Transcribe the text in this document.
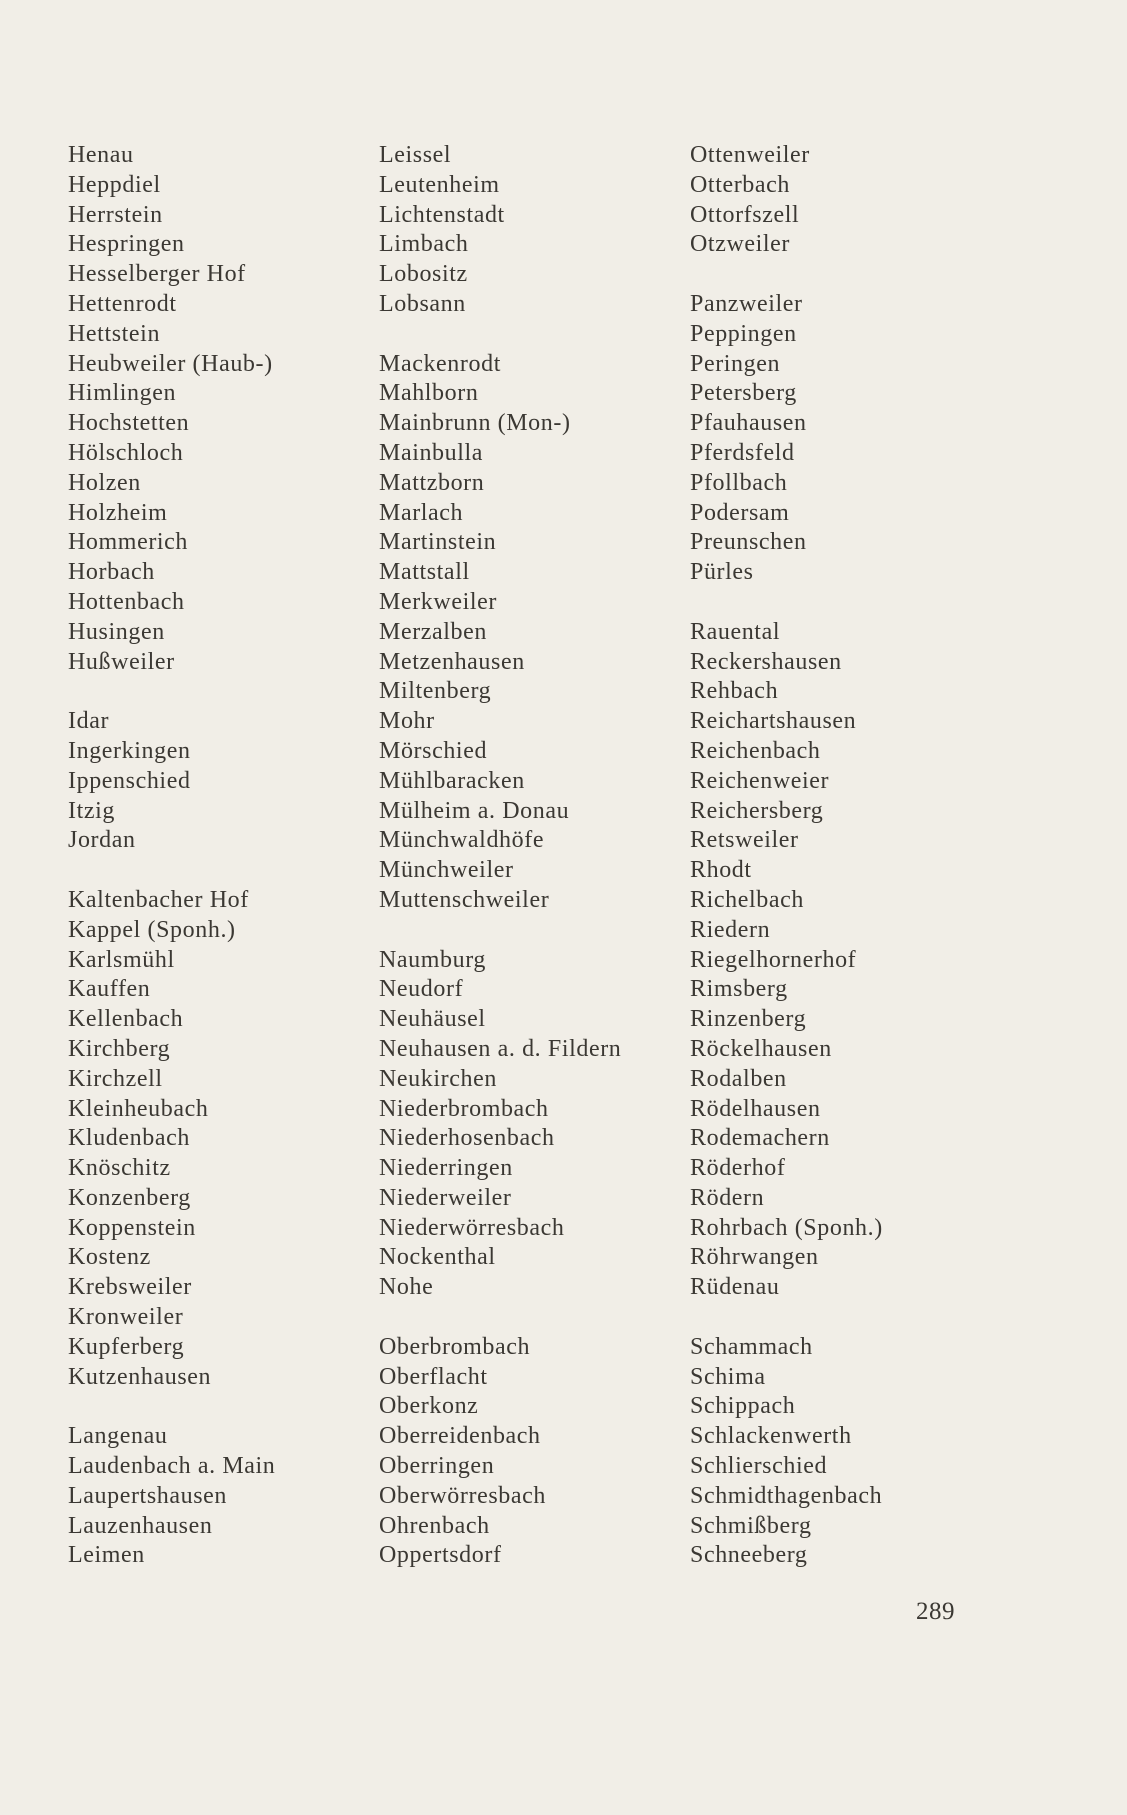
Henau
Heppdiel
Herrstein
Hespringen
Hesselberger Hof
Hettenrodt
Hettstein
Heubweiler (Haub-)
Himlingen
Hochstetten
Hölschloch
Holzen
Holzheim
Hommerich
Horbach
Hottenbach
Husingen
Hußweiler
Idar
Ingerkingen
Ippenschied
Itzig
Jordan
Kaltenbacher Hof
Kappel (Sponh.)
Karlsmühl
Kauffen
Kellenbach
Kirchberg
Kirchzell
Kleinheubach
Kludenbach
Knöschitz
Konzenberg
Koppenstein
Kostenz
Krebsweiler
Kronweiler
Kupferberg
Kutzenhausen
Langenau
Laudenbach a. Main
Laupertshausen
Lauzenhausen
Leimen
Leissel
Leutenheim
Lichtenstadt
Limbach
Lobositz
Lobsann
Mackenrodt
Mahlborn
Mainbrunn (Mon-)
Mainbulla
Mattzborn
Marlach
Martinstein
Mattstall
Merkweiler
Merzalben
Metzenhausen
Miltenberg
Mohr
Mörschied
Mühlbaracken
Mülheim a. Donau
Münchwaldhöfe
Münchweiler
Muttenschweiler
Naumburg
Neudorf
Neuhäusel
Neuhausen a. d. Fildern
Neukirchen
Niederbrombach
Niederhosenbach
Niederringen
Niederweiler
Niederwörresbach
Nockenthal
Nohe
Oberbrombach
Oberflacht
Oberkonz
Oberreidenbach
Oberringen
Oberwörresbach
Ohrenbach
Oppertsdorf
Ottenweiler
Otterbach
Ottorfszell
Otzweiler
Panzweiler
Peppingen
Peringen
Petersberg
Pfauhausen
Pferdsfeld
Pfollbach
Podersam
Preunschen
Pürles
Rauental
Reckershausen
Rehbach
Reichartshausen
Reichenbach
Reichenweier
Reichersberg
Retsweiler
Rhodt
Richelbach
Riedern
Riegelhornerhof
Rimsberg
Rinzenberg
Röckelhausen
Rodalben
Rödelhausen
Rodemachern
Röderhof
Rödern
Rohrbach (Sponh.)
Röhrwangen
Rüdenau
Schammach
Schima
Schippach
Schlackenwerth
Schlierschied
Schmidthagenbach
Schmißberg
Schneeberg
289
